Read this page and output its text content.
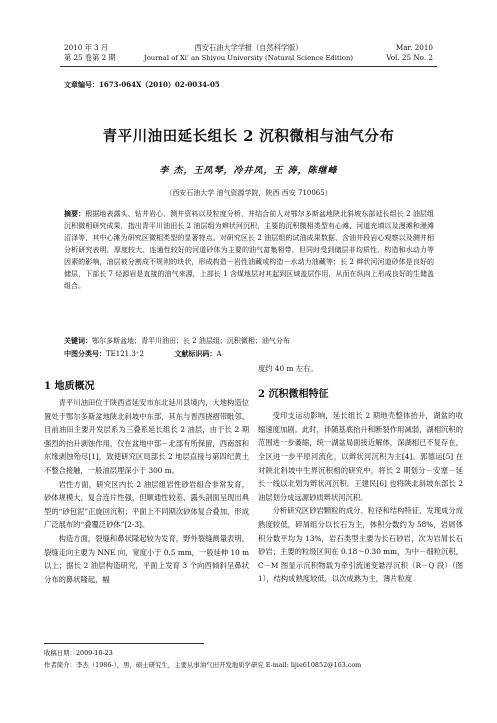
2010 年 3 月
第 25 卷第 2 期
西安石油大学学报（自然科学版）
Journal of Xi' an Shiyou University (Natural Science Edition)
Mar. 2010
Vol. 25 No. 2
文章编号：1673-064X（2010）02-0034-05
青平川油田延长组长 2 沉积微相与油气分布
李 杰，王凤琴，冷井凤，王 涛，陈继峰
（西安石油大学 油气资源学院，陕西 西安 710065）
摘要：根据地表露头、钻井岩心、测井资料以及粒度分析，并结合前人对鄂尔多斯盆地陕北斜坡东部延长组长 2 油层组沉积微相研究成果，指出青平川油田长 2 油层组为辫状河沉积，主要的沉积微相类型有心滩、河道充填以及漫滩和漫滩沼泽等，其中心滩为研究区微相类型的显著特点。对研究区长 2 油层组的试油成果数据、含油井段岩心观察以及测井相分析研究表明，厚度较大、连通性较好的河道砂体为主要的油气富集相带，但同时受到储层非均质性、构造和水动力等因素的影响，油层被分割成不规则的块状，形成构造－岩性油藏或构造－水动力油藏等；长 2 辫状河河道砂体是良好的储层，下部长 7 烃源岩是直接的油气来源，上部长 1 含煤地层对其起到区域盖层作用，从而在纵向上形成良好的生储盖组合。
关键词：鄂尔多斯盆地；青平川油田；长 2 油层组；沉积微相；油气分布
中图分类号：TE121.3⁺2	文献标识码：A
1 地质概况
青平川油田位于陕西省延安市东北延川县境内，大地构造位置处于鄂尔多斯盆地陕北斜坡中东部，其东与晋西挠褶带毗邻。目前油田主要开发层系为三叠系延长组长 2 油层，由于长 2 期强烈的抬升剥蚀作用，仅在盆地中部－北部有所保留，西南部和东缘剥蚀殆尽[1]，致使研究区局部长 2 地层直接与第四纪黄土不整合接触，一般油层埋深小于 300 m。
岩性方面，研究区内长 2 油层组岩性砂岩组合非常发育，砂体规模大，复合连片性强，但顺通性较差，露头剖面呈现出典型的“砂包泥”正旋回沉积；平面上不同期次砂体复合叠加，形成广泛展布的“叠覆泛砂体”[2-3]。
构造方面，裂缝和鼻状隆起较为发育，野外裂缝测量表明，裂缝走向主要为 NNE 向，宽度小于 0.5 mm，一般延伸 10 m 以上；据长 2 油层构造研究，平面上发育 3 个向西倾斜呈鼻状分布的鼻状隆起，幅
度约 40 m 左右。
2 沉积微相特征
受印支运动影响，延长组长 2 期地壳整体抬升，湖盆的收缩速度加剧。此时，伴随基底抬升和断裂作用减弱，湖相沉积的范围进一步萎缩，统一湖盆局面接近解体，深湖相已不复存在，全区进一步平原河流化，以辫状河沉积为主[4]。郭德运[5] 在对陕北斜坡中生界沉积相的研究中，将长 2 期划分－安塞－延长一线以北划为辫状河沉积。王建民[6] 也将陕北斜坡东部长 2 油层划分成远源砂质辫状河沉积。
分析研究区砂岩颗粒的成分、粒径和结构特征，发现成分成熟度较低，碎屑组分以长石为主，体积分数约为 58%，岩屑体积分数平均为 13%，岩石类型主要为长石砂岩，次为岩屑长石砂岩；主要的粒级区间在 0.18～0.30 mm，为中－细粒沉积，C－M 图显示沉积物载为牵引流递变悬浮沉积（R－Q 段）（图 1），结构成熟度较低，以次成熟为主，薄片粒度
收稿日期：2009-10-23
作者简介：李杰（1986-），男，硕士研究生，主要从事油气田开发地质学研究 E-mail: lijie610852@163.com
